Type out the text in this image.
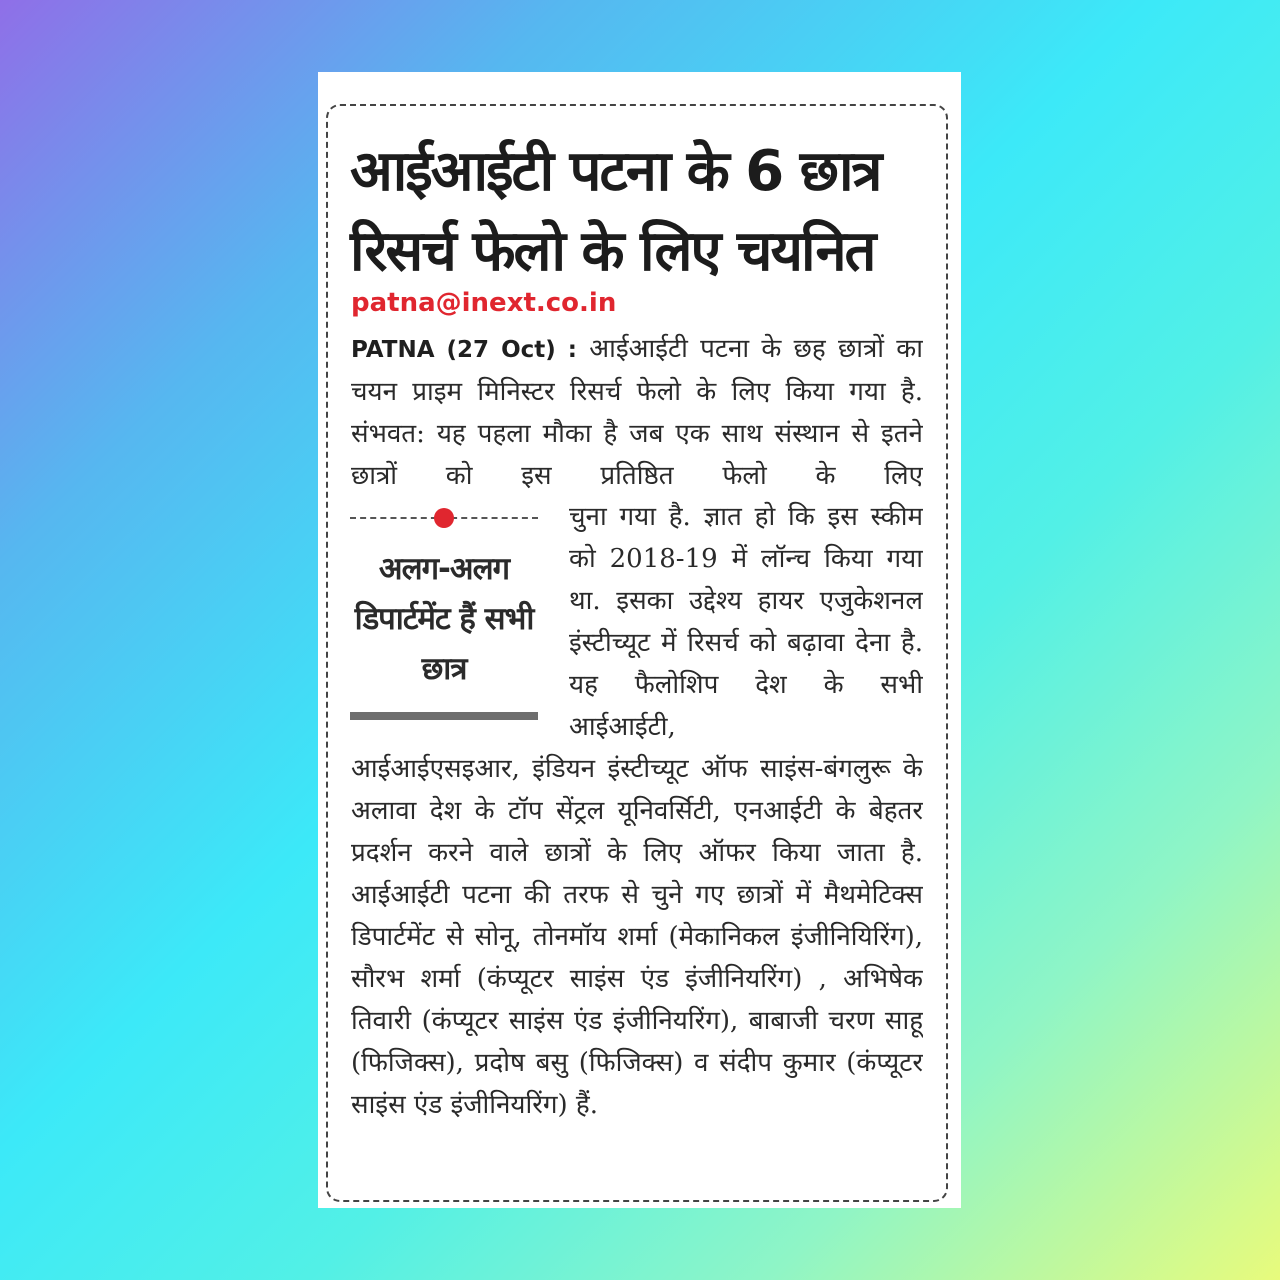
आईआईटी पटना के 6 छात्र रिसर्च फेलो के लिए चयनित
patna@inext.co.in

PATNA (27 Oct) : आईआईटी पटना के छह छात्रों का चयन प्राइम मिनिस्टर रिसर्च फेलो के लिए किया गया है. संभवत: यह पहला मौका है जब एक साथ संस्थान से इतने छात्रों को इस प्रतिष्ठित फेलो के लिए

अलग-अलग डिपार्टमेंट हैं सभी छात्र

चुना गया है. ज्ञात हो कि इस स्कीम को 2018-19 में लॉन्च किया गया था. इसका उद्देश्य हायर एजुकेशनल इंस्टीच्यूट में रिसर्च को बढ़ावा देना है. यह फैलोशिप देश के सभी आईआईटी,

आईआईएसइआर, इंडियन इंस्टीच्यूट ऑफ साइंस-बंगलुरू के अलावा देश के टॉप सेंट्रल यूनिवर्सिटी, एनआईटी के बेहतर प्रदर्शन करने वाले छात्रों के लिए ऑफर किया जाता है. आईआईटी पटना की तरफ से चुने गए छात्रों में मैथमेटिक्स डिपार्टमेंट से सोनू, तोनमॉय शर्मा (मेकानिकल इंजीनियिरिंग), सौरभ शर्मा (कंप्यूटर साइंस एंड इंजीनियरिंग) , अभिषेक तिवारी (कंप्यूटर साइंस एंड इंजीनियरिंग), बाबाजी चरण साहू (फिजिक्स), प्रदोष बसु (फिजिक्स) व संदीप कुमार (कंप्यूटर साइंस एंड इंजीनियरिंग) हैं.
